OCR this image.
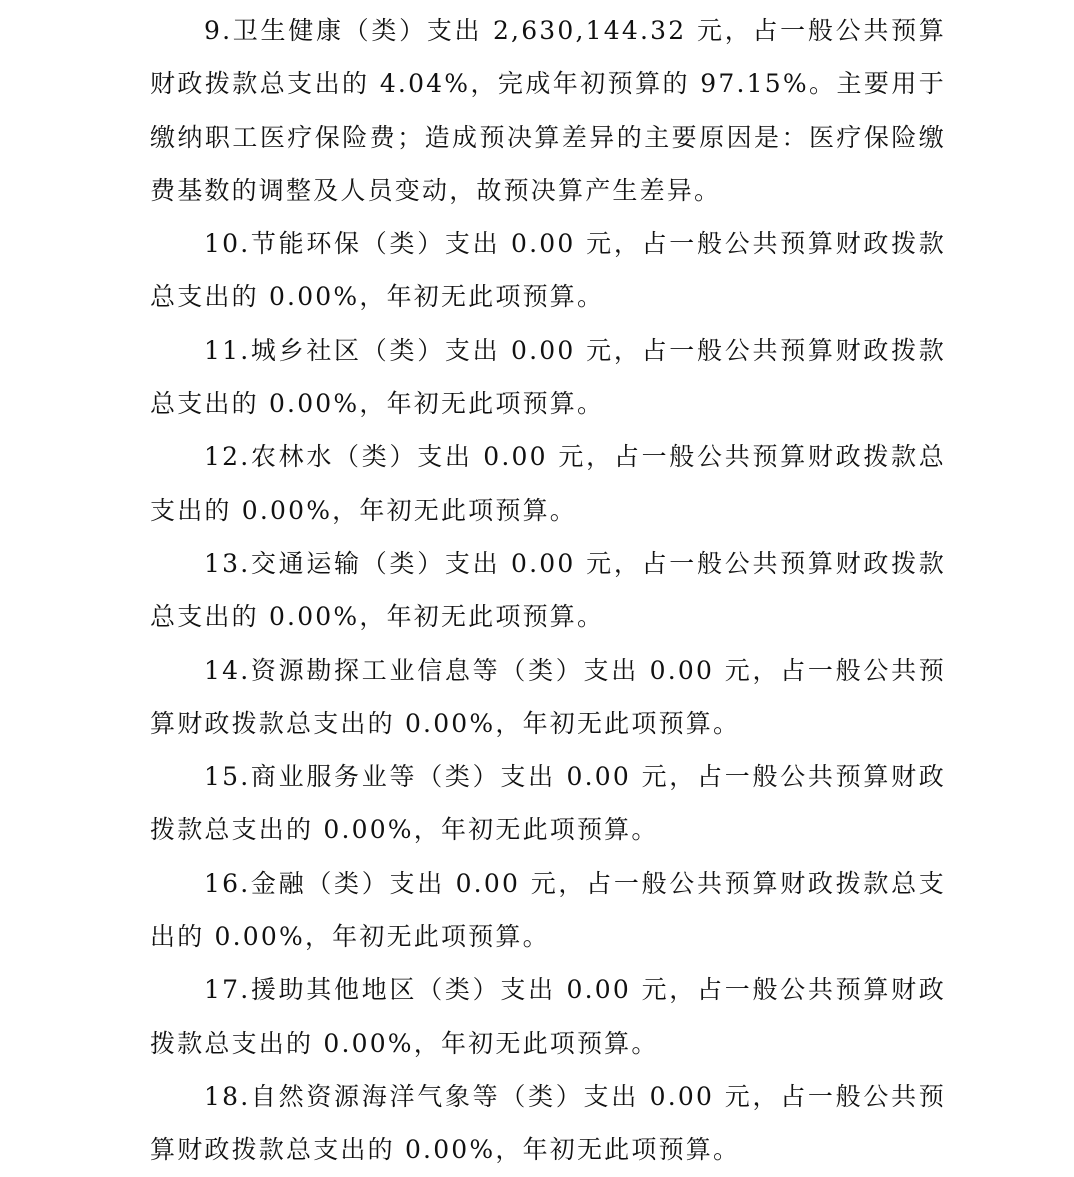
9.卫生健康（类）支出 2,630,144.32 元，占一般公共预算财政拨款总支出的 4.04%，完成年初预算的 97.15%。主要用于缴纳职工医疗保险费；造成预决算差异的主要原因是：医疗保险缴费基数的调整及人员变动，故预决算产生差异。

10.节能环保（类）支出 0.00 元，占一般公共预算财政拨款总支出的 0.00%，年初无此项预算。

11.城乡社区（类）支出 0.00 元，占一般公共预算财政拨款总支出的 0.00%，年初无此项预算。

12.农林水（类）支出 0.00 元，占一般公共预算财政拨款总支出的 0.00%，年初无此项预算。

13.交通运输（类）支出 0.00 元，占一般公共预算财政拨款总支出的 0.00%，年初无此项预算。

14.资源勘探工业信息等（类）支出 0.00 元，占一般公共预算财政拨款总支出的 0.00%，年初无此项预算。

15.商业服务业等（类）支出 0.00 元，占一般公共预算财政拨款总支出的 0.00%，年初无此项预算。

16.金融（类）支出 0.00 元，占一般公共预算财政拨款总支出的 0.00%，年初无此项预算。

17.援助其他地区（类）支出 0.00 元，占一般公共预算财政拨款总支出的 0.00%，年初无此项预算。

18.自然资源海洋气象等（类）支出 0.00 元，占一般公共预算财政拨款总支出的 0.00%，年初无此项预算。
